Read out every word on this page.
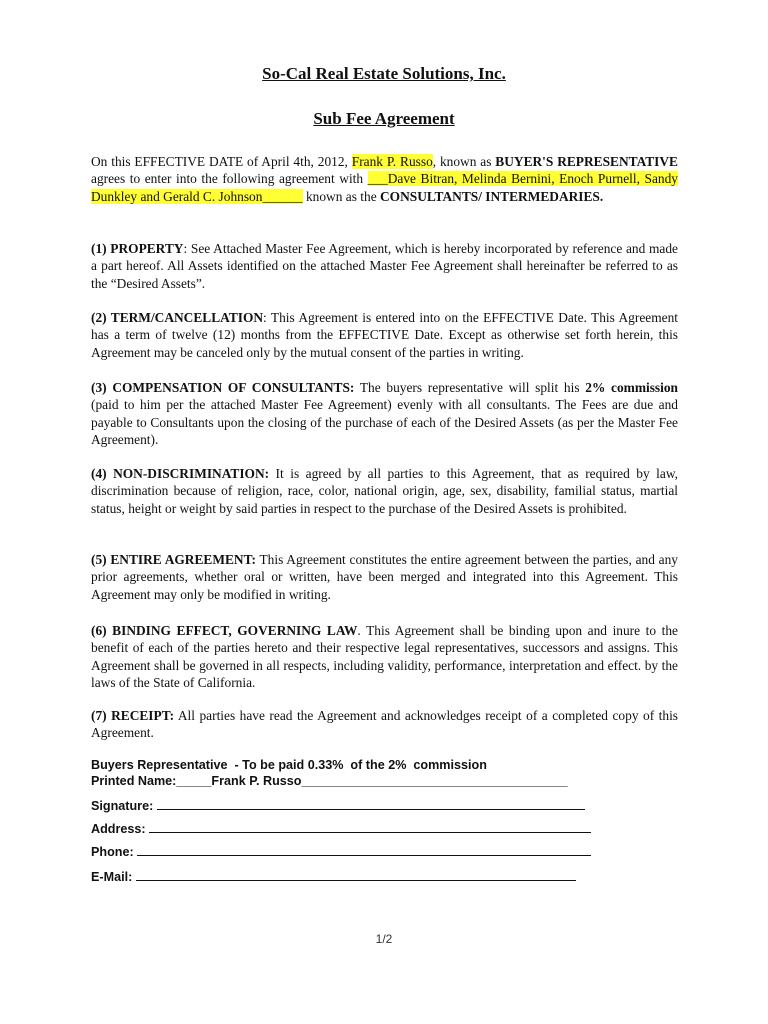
So-Cal Real Estate Solutions, Inc.
Sub Fee Agreement
On this EFFECTIVE DATE of April 4th, 2012, Frank P. Russo, known as BUYER'S REPRESENTATIVE agrees to enter into the following agreement with ___Dave Bitran, Melinda Bernini, Enoch Purnell, Sandy Dunkley and Gerald C. Johnson______ known as the CONSULTANTS/ INTERMEDARIES.
(1) PROPERTY: See Attached Master Fee Agreement, which is hereby incorporated by reference and made a part hereof. All Assets identified on the attached Master Fee Agreement shall hereinafter be referred to as the “Desired Assets”.
(2) TERM/CANCELLATION: This Agreement is entered into on the EFFECTIVE Date. This Agreement has a term of twelve (12) months from the EFFECTIVE Date. Except as otherwise set forth herein, this Agreement may be canceled only by the mutual consent of the parties in writing.
(3) COMPENSATION OF CONSULTANTS: The buyers representative will split his 2% commission (paid to him per the attached Master Fee Agreement) evenly with all consultants. The Fees are due and payable to Consultants upon the closing of the purchase of each of the Desired Assets (as per the Master Fee Agreement).
(4) NON-DISCRIMINATION: It is agreed by all parties to this Agreement, that as required by law, discrimination because of religion, race, color, national origin, age, sex, disability, familial status, martial status, height or weight by said parties in respect to the purchase of the Desired Assets is prohibited.
(5) ENTIRE AGREEMENT: This Agreement constitutes the entire agreement between the parties, and any prior agreements, whether oral or written, have been merged and integrated into this Agreement. This Agreement may only be modified in writing.
(6) BINDING EFFECT, GOVERNING LAW. This Agreement shall be binding upon and inure to the benefit of each of the parties hereto and their respective legal representatives, successors and assigns. This Agreement shall be governed in all respects, including validity, performance, interpretation and effect. by the laws of the State of California.
(7) RECEIPT: All parties have read the Agreement and acknowledges receipt of a completed copy of this Agreement.
Buyers Representative  - To be paid 0.33%  of the 2%  commission
Printed Name:_____Frank P. Russo______________________________________
Signature:
Address:
Phone:
E-Mail:
1/2
